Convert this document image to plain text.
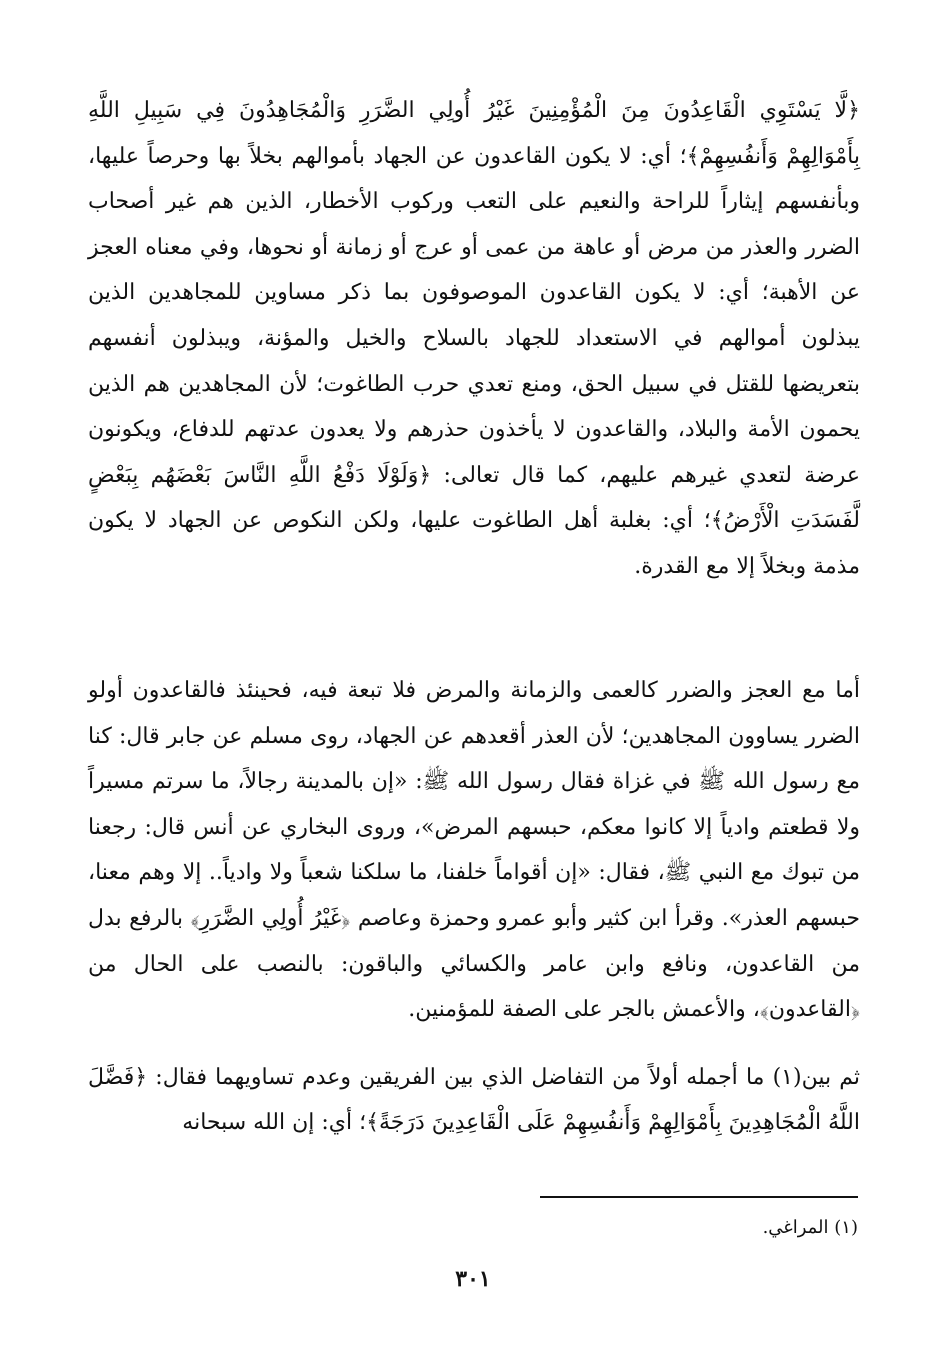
﴿لَّا يَسْتَوِي الْقَاعِدُونَ مِنَ الْمُؤْمِنِينَ غَيْرُ أُولِي الضَّرَرِ وَالْمُجَاهِدُونَ فِي سَبِيلِ اللَّهِ بِأَمْوَالِهِمْ وَأَنفُسِهِمْ﴾؛ أي: لا يكون القاعدون عن الجهاد بأموالهم بخلاً بها وحرصاً عليها، وبأنفسهم إيثاراً للراحة والنعيم على التعب وركوب الأخطار، الذين هم غير أصحاب الضرر والعذر من مرض أو عاهة من عمى أو عرج أو زمانة أو نحوها، وفي معناه العجز عن الأهبة؛ أي: لا يكون القاعدون الموصوفون بما ذكر مساوين للمجاهدين الذين يبذلون أموالهم في الاستعداد للجهاد بالسلاح والخيل والمؤنة، ويبذلون أنفسهم بتعريضها للقتل في سبيل الحق، ومنع تعدي حرب الطاغوت؛ لأن المجاهدين هم الذين يحمون الأمة والبلاد، والقاعدون لا يأخذون حذرهم ولا يعدون عدتهم للدفاع، ويكونون عرضة لتعدي غيرهم عليهم، كما قال تعالى: ﴿وَلَوْلَا دَفْعُ اللَّهِ النَّاسَ بَعْضَهُم بِبَعْضٍ لَّفَسَدَتِ الْأَرْضُ﴾؛ أي: بغلبة أهل الطاغوت عليها، ولكن النكوص عن الجهاد لا يكون مذمة وبخلاً إلا مع القدرة.

أما مع العجز والضرر كالعمى والزمانة والمرض فلا تبعة فيه، فحينئذ فالقاعدون أولو الضرر يساوون المجاهدين؛ لأن العذر أقعدهم عن الجهاد، روى مسلم عن جابر قال: كنا مع رسول الله ﷺ في غزاة فقال رسول الله ﷺ: «إن بالمدينة رجالاً، ما سرتم مسيراً ولا قطعتم وادياً إلا كانوا معكم، حبسهم المرض»، وروى البخاري عن أنس قال: رجعنا من تبوك مع النبي ﷺ، فقال: «إن أقواماً خلفنا، ما سلكنا شعباً ولا وادياً.. إلا وهم معنا، حبسهم العذر». وقرأ ابن كثير وأبو عمرو وحمزة وعاصم ﴿غَيْرُ أُولِي الضَّرَرِ﴾ بالرفع بدل من القاعدون، ونافع وابن عامر والكسائي والباقون: بالنصب على الحال من ﴿القاعدون﴾، والأعمش بالجر على الصفة للمؤمنين.

ثم بين(١) ما أجمله أولاً من التفاضل الذي بين الفريقين وعدم تساويهما فقال: ﴿فَضَّلَ اللَّهُ الْمُجَاهِدِينَ بِأَمْوَالِهِمْ وَأَنفُسِهِمْ عَلَى الْقَاعِدِينَ دَرَجَةً﴾؛ أي: إن الله سبحانه

(١) المراغي.
٣٠١
